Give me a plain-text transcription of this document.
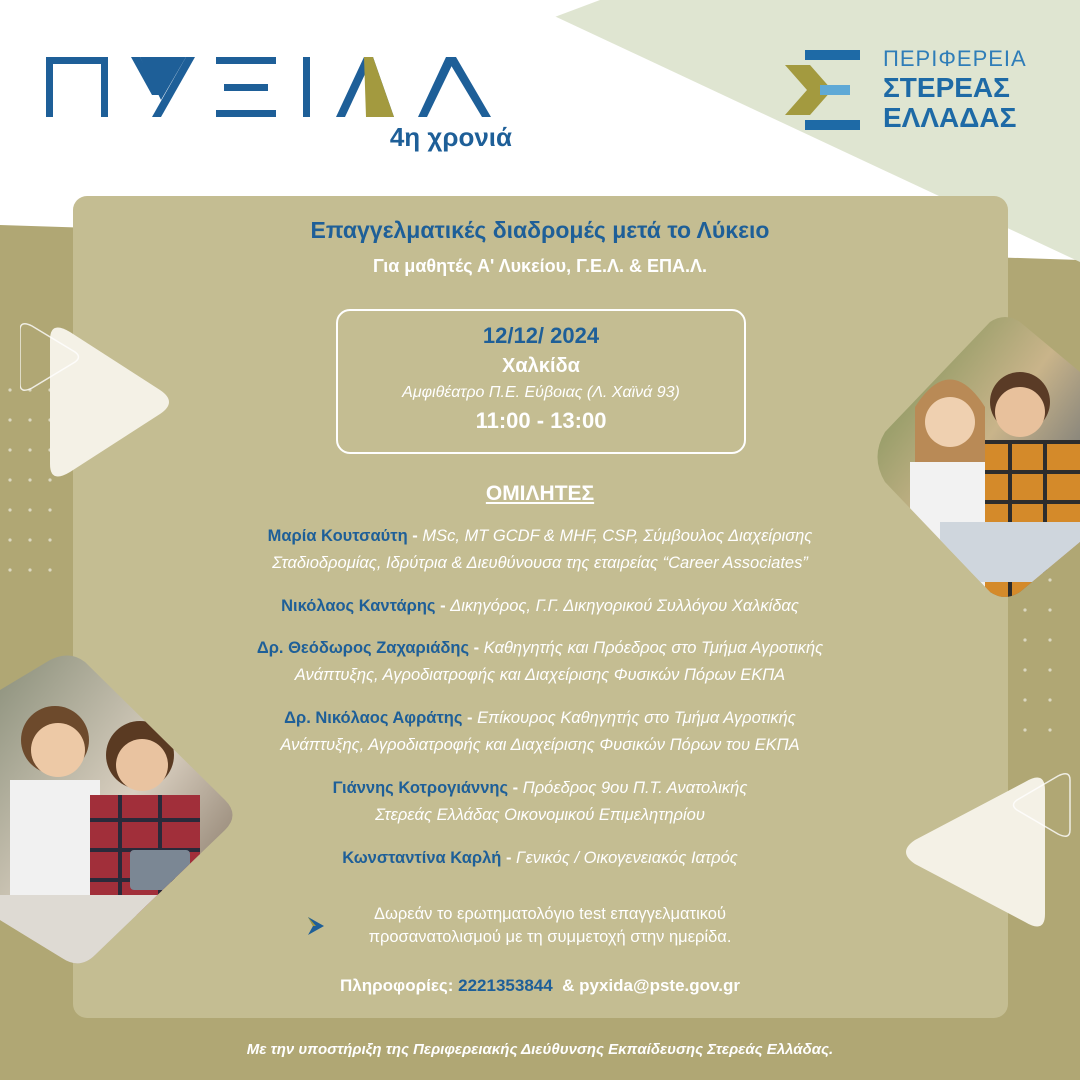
4η χρονιά
ΠΕΡΙΦΕΡΕΙΑ
ΣΤΕΡΕΑΣ
ΕΛΛΑΔΑΣ
Επαγγελματικές διαδρομές μετά το Λύκειο
Για μαθητές Α' Λυκείου, Γ.Ε.Λ. & ΕΠΑ.Λ.
12/12/ 2024
Χαλκίδα
Αμφιθέατρο Π.Ε. Εύβοιας (Λ. Χαϊνά 93)
11:00 - 13:00
ΟΜΙΛΗΤΕΣ
Μαρία Κουτσαύτη - MSc, MT GCDF & MHF, CSP, Σύμβουλος Διαχείρισης
Σταδιοδρομίας, Ιδρύτρια & Διευθύνουσα της εταιρείας “Career Associates”
Νικόλαος Καντάρης - Δικηγόρος, Γ.Γ. Δικηγορικού Συλλόγου Χαλκίδας
Δρ. Θεόδωρος Ζαχαριάδης - Καθηγητής και Πρόεδρος στο Τμήμα Αγροτικής
Ανάπτυξης, Αγροδιατροφής και Διαχείρισης Φυσικών Πόρων ΕΚΠΑ
Δρ. Νικόλαος Αφράτης - Επίκουρος Καθηγητής στο Τμήμα Αγροτικής
Ανάπτυξης, Αγροδιατροφής και Διαχείρισης Φυσικών Πόρων του ΕΚΠΑ
Γιάννης Κοτρογιάννης - Πρόεδρος 9ου Π.Τ. Ανατολικής
Στερεάς Ελλάδας Οικονομικού Επιμελητηρίου
Κωνσταντίνα Καρλή - Γενικός / Οικογενειακός Ιατρός
Δωρεάν το ερωτηματολόγιο test επαγγελματικού
προσανατολισμού με τη συμμετοχή στην ημερίδα.
Πληροφορίες: 2221353844 & pyxida@pste.gov.gr
Με την υποστήριξη της Περιφερειακής Διεύθυνσης Εκπαίδευσης Στερεάς Ελλάδας.
